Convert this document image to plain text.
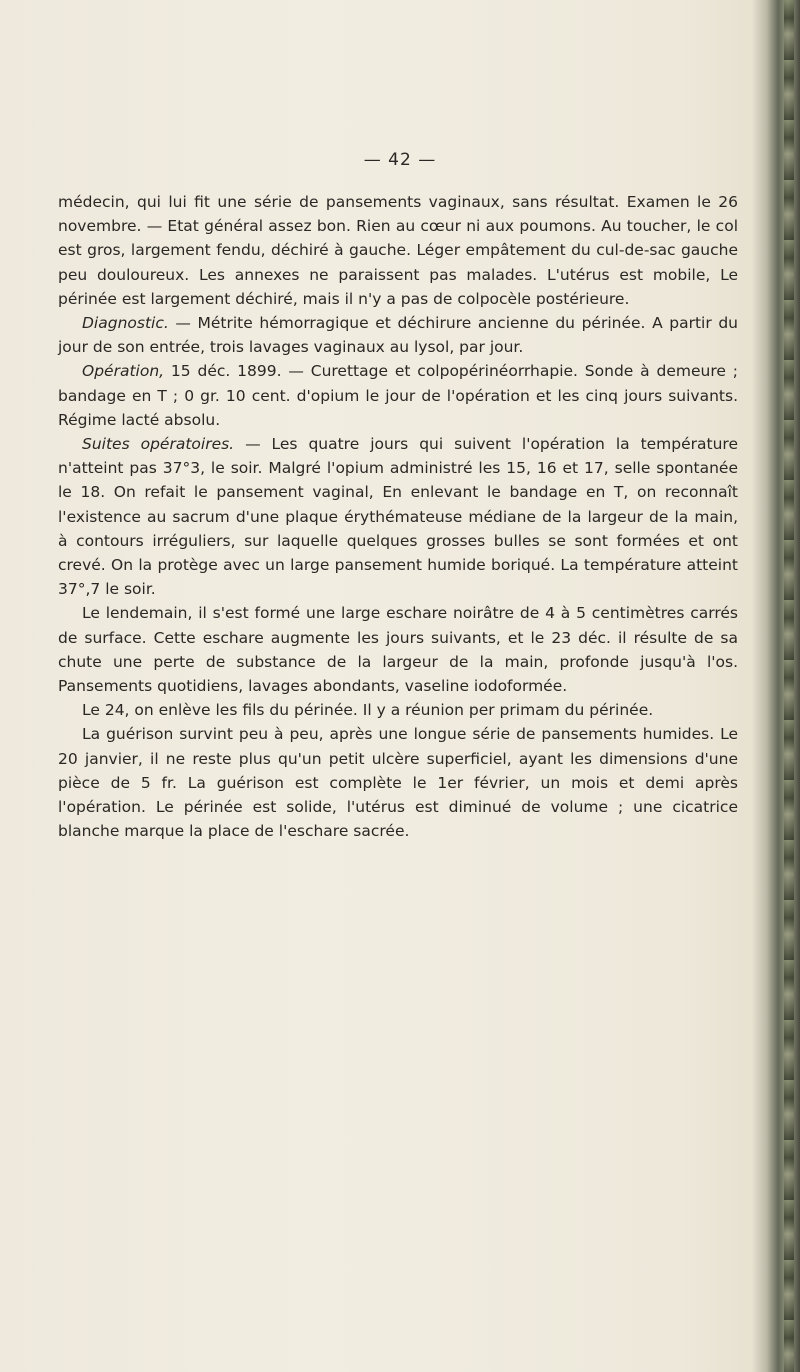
— 42 —

médecin, qui lui fit une série de pansements vaginaux, sans résultat. Examen le 26 novembre. — Etat général assez bon. Rien au cœur ni aux poumons. Au toucher, le col est gros, largement fendu, déchiré à gauche. Léger empâtement du cul-de-sac gauche peu douloureux. Les annexes ne paraissent pas malades. L'utérus est mobile, Le périnée est largement déchiré, mais il n'y a pas de colpocèle postérieure.

Diagnostic. — Métrite hémorragique et déchirure ancienne du périnée. A partir du jour de son entrée, trois lavages vaginaux au lysol, par jour.

Opération, 15 déc. 1899. — Curettage et colpopérinéorrhapie. Sonde à demeure ; bandage en T ; 0 gr. 10 cent. d'opium le jour de l'opération et les cinq jours suivants. Régime lacté absolu.

Suites opératoires. — Les quatre jours qui suivent l'opération la température n'atteint pas 37°3, le soir. Malgré l'opium administré les 15, 16 et 17, selle spontanée le 18. On refait le pansement vaginal, En enlevant le bandage en T, on reconnaît l'existence au sacrum d'une plaque érythémateuse médiane de la largeur de la main, à contours irréguliers, sur laquelle quelques grosses bulles se sont formées et ont crevé. On la protège avec un large pansement humide boriqué. La température atteint 37°,7 le soir.

Le lendemain, il s'est formé une large eschare noirâtre de 4 à 5 centimètres carrés de surface. Cette eschare augmente les jours suivants, et le 23 déc. il résulte de sa chute une perte de substance de la largeur de la main, profonde jusqu'à l'os. Pansements quotidiens, lavages abondants, vaseline iodoformée.

Le 24, on enlève les fils du périnée. Il y a réunion per primam du périnée.

La guérison survint peu à peu, après une longue série de pansements humides. Le 20 janvier, il ne reste plus qu'un petit ulcère superficiel, ayant les dimensions d'une pièce de 5 fr. La guérison est complète le 1er février, un mois et demi après l'opération. Le périnée est solide, l'utérus est diminué de volume ; une cicatrice blanche marque la place de l'eschare sacrée.
